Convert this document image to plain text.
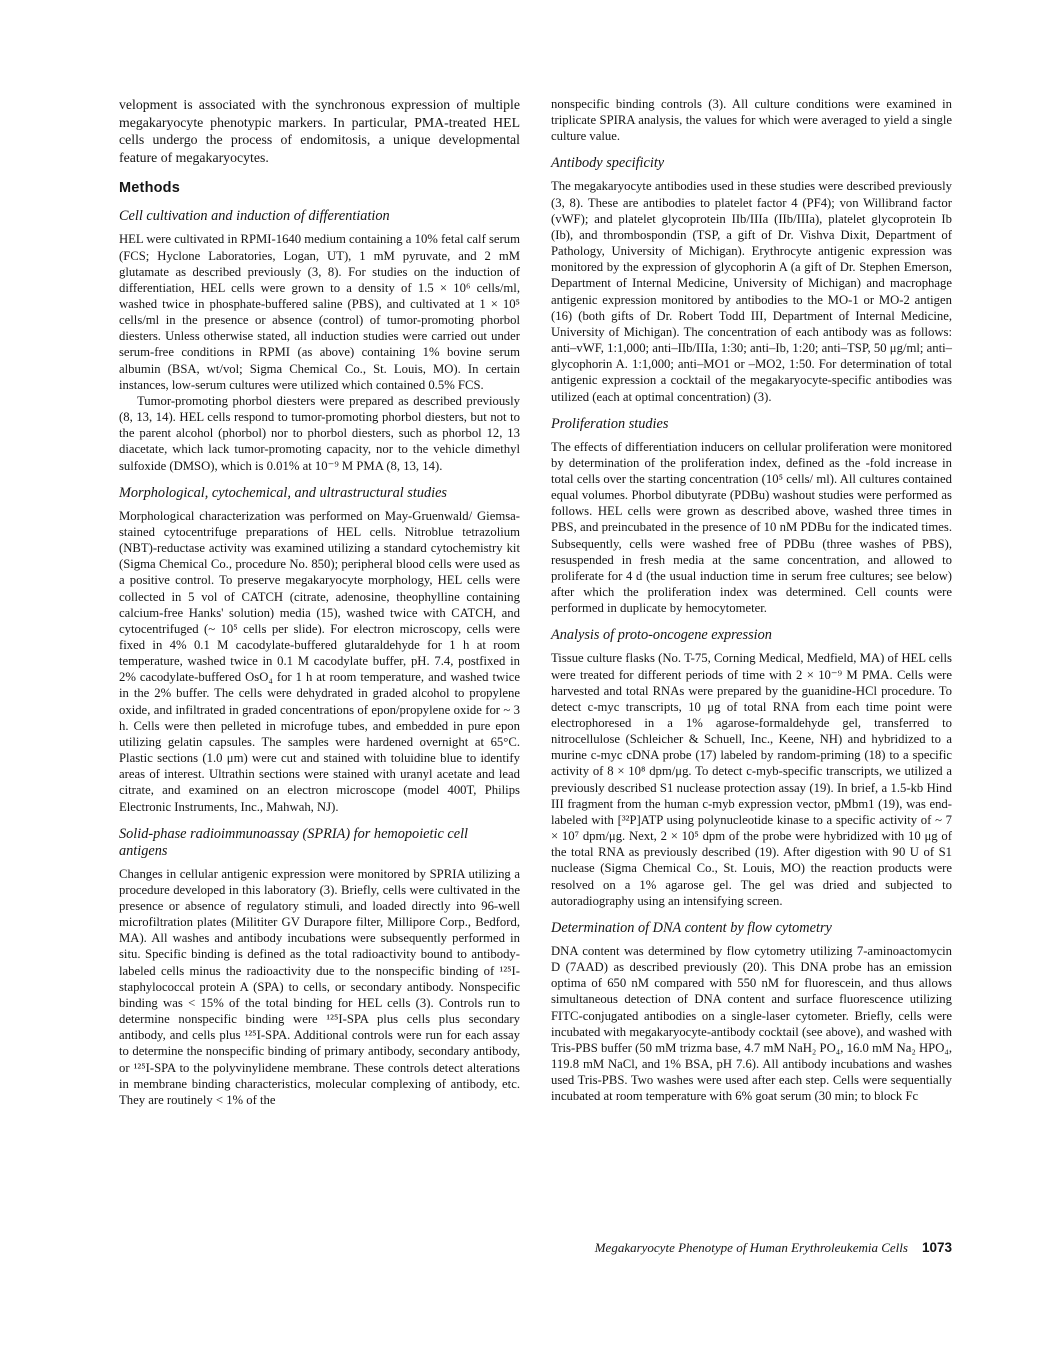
velopment is associated with the synchronous expression of multiple megakaryocyte phenotypic markers. In particular, PMA-treated HEL cells undergo the process of endomitosis, a unique developmental feature of megakaryocytes.

Methods
Cell cultivation and induction of differentiation

HEL were cultivated in RPMI-1640 medium containing a 10% fetal calf serum (FCS; Hyclone Laboratories, Logan, UT), 1 mM pyruvate, and 2 mM glutamate as described previously (3, 8). For studies on the induction of differentiation, HEL cells were grown to a density of 1.5 × 10⁶ cells/ml, washed twice in phosphate-buffered saline (PBS), and cultivated at 1 × 10⁵ cells/ml in the presence or absence (control) of tumor-promoting phorbol diesters. Unless otherwise stated, all induction studies were carried out under serum-free conditions in RPMI (as above) containing 1% bovine serum albumin (BSA, wt/vol; Sigma Chemical Co., St. Louis, MO). In certain instances, low-serum cultures were utilized which contained 0.5% FCS.

Tumor-promoting phorbol diesters were prepared as described previously (8, 13, 14). HEL cells respond to tumor-promoting phorbol diesters, but not to the parent alcohol (phorbol) nor to phorbol diesters, such as phorbol 12, 13 diacetate, which lack tumor-promoting capacity, nor to the vehicle dimethyl sulfoxide (DMSO), which is 0.01% at 10⁻⁹ M PMA (8, 13, 14).

Morphological, cytochemical, and ultrastructural studies

Morphological characterization was performed on May-Gruenwald/ Giemsa-stained cytocentrifuge preparations of HEL cells. Nitroblue tetrazolium (NBT)-reductase activity was examined utilizing a standard cytochemistry kit (Sigma Chemical Co., procedure No. 850); peripheral blood cells were used as a positive control. To preserve megakaryocyte morphology, HEL cells were collected in 5 vol of CATCH (citrate, adenosine, theophylline containing calcium-free Hanks' solution) media (15), washed twice with CATCH, and cytocentrifuged (~ 10⁵ cells per slide). For electron microscopy, cells were fixed in 4% 0.1 M cacodylate-buffered glutaraldehyde for 1 h at room temperature, washed twice in 0.1 M cacodylate buffer, pH. 7.4, postfixed in 2% cacodylate-buffered OsO₄ for 1 h at room temperature, and washed twice in the 2% buffer. The cells were dehydrated in graded alcohol to propylene oxide, and infiltrated in graded concentrations of epon/propylene oxide for ~ 3 h. Cells were then pelleted in microfuge tubes, and embedded in pure epon utilizing gelatin capsules. The samples were hardened overnight at 65°C. Plastic sections (1.0 μm) were cut and stained with toluidine blue to identify areas of interest. Ultrathin sections were stained with uranyl acetate and lead citrate, and examined on an electron microscope (model 400T, Philips Electronic Instruments, Inc., Mahwah, NJ).

Solid-phase radioimmunoassay (SPRIA) for hemopoietic cell antigens

Changes in cellular antigenic expression were monitored by SPRIA utilizing a procedure developed in this laboratory (3). Briefly, cells were cultivated in the presence or absence of regulatory stimuli, and loaded directly into 96-well microfiltration plates (Milititer GV Durapore filter, Millipore Corp., Bedford, MA). All washes and antibody incubations were subsequently performed in situ. Specific binding is defined as the total radioactivity bound to antibody-labeled cells minus the radioactivity due to the nonspecific binding of ¹²⁵I-staphylococcal protein A (SPA) to cells, or secondary antibody. Nonspecific binding was < 15% of the total binding for HEL cells (3). Controls run to determine nonspecific binding were ¹²⁵I-SPA plus cells plus secondary antibody, and cells plus ¹²⁵I-SPA. Additional controls were run for each assay to determine the nonspecific binding of primary antibody, secondary antibody, or ¹²⁵I-SPA to the polyvinylidene membrane. These controls detect alterations in membrane binding characteristics, molecular complexing of antibody, etc. They are routinely < 1% of the

nonspecific binding controls (3). All culture conditions were examined in triplicate SPIRA analysis, the values for which were averaged to yield a single culture value.

Antibody specificity

The megakaryocyte antibodies used in these studies were described previously (3, 8). These are antibodies to platelet factor 4 (PF4); von Willibrand factor (vWF); and platelet glycoprotein IIb/IIIa (IIb/IIIa), platelet glycoprotein Ib (Ib), and thrombospondin (TSP, a gift of Dr. Vishva Dixit, Department of Pathology, University of Michigan). Erythrocyte antigenic expression was monitored by the expression of glycophorin A (a gift of Dr. Stephen Emerson, Department of Internal Medicine, University of Michigan) and macrophage antigenic expression monitored by antibodies to the MO-1 or MO-2 antigen (16) (both gifts of Dr. Robert Todd III, Department of Internal Medicine, University of Michigan). The concentration of each antibody was as follows: anti–vWF, 1:1,000; anti–IIb/IIIa, 1:30; anti–Ib, 1:20; anti–TSP, 50 μg/ml; anti–glycophorin A. 1:1,000; anti–MO1 or –MO2, 1:50. For determination of total antigenic expression a cocktail of the megakaryocyte-specific antibodies was utilized (each at optimal concentration) (3).

Proliferation studies

The effects of differentiation inducers on cellular proliferation were monitored by determination of the proliferation index, defined as the -fold increase in total cells over the starting concentration (10⁵ cells/ ml). All cultures contained equal volumes. Phorbol dibutyrate (PDBu) washout studies were performed as follows. HEL cells were grown as described above, washed three times in PBS, and preincubated in the presence of 10 nM PDBu for the indicated times. Subsequently, cells were washed free of PDBu (three washes of PBS), resuspended in fresh media at the same concentration, and allowed to proliferate for 4 d (the usual induction time in serum free cultures; see below) after which the proliferation index was determined. Cell counts were performed in duplicate by hemocytometer.

Analysis of proto-oncogene expression

Tissue culture flasks (No. T-75, Corning Medical, Medfield, MA) of HEL cells were treated for different periods of time with 2 × 10⁻⁹ M PMA. Cells were harvested and total RNAs were prepared by the guanidine-HCl procedure. To detect c-myc transcripts, 10 μg of total RNA from each time point were electrophoresed in a 1% agarose-formaldehyde gel, transferred to nitrocellulose (Schleicher & Schuell, Inc., Keene, NH) and hybridized to a murine c-myc cDNA probe (17) labeled by random-priming (18) to a specific activity of 8 × 10⁸ dpm/μg. To detect c-myb-specific transcripts, we utilized a previously described S1 nuclease protection assay (19). In brief, a 1.5-kb Hind III fragment from the human c-myb expression vector, pMbm1 (19), was end-labeled with [³²P]ATP using polynucleotide kinase to a specific activity of ~ 7 × 10⁷ dpm/μg. Next, 2 × 10⁵ dpm of the probe were hybridized with 10 μg of the total RNA as previously described (19). After digestion with 90 U of S1 nuclease (Sigma Chemical Co., St. Louis, MO) the reaction products were resolved on a 1% agarose gel. The gel was dried and subjected to autoradiography using an intensifying screen.

Determination of DNA content by flow cytometry

DNA content was determined by flow cytometry utilizing 7-aminoactomycin D (7AAD) as described previously (20). This DNA probe has an emission optima of 650 nM compared with 550 nM for fluorescein, and thus allows simultaneous detection of DNA content and surface fluorescence utilizing FITC-conjugated antibodies on a single-laser cytometer. Briefly, cells were incubated with megakaryocyte-antibody cocktail (see above), and washed with Tris-PBS buffer (50 mM trizma base, 4.7 mM NaH₂ PO₄, 16.0 mM Na₂ HPO₄, 119.8 mM NaCl, and 1% BSA, pH 7.6). All antibody incubations and washes used Tris-PBS. Two washes were used after each step. Cells were sequentially incubated at room temperature with 6% goat serum (30 min; to block Fc

Megakaryocyte Phenotype of Human Erythroleukemia Cells 1073
